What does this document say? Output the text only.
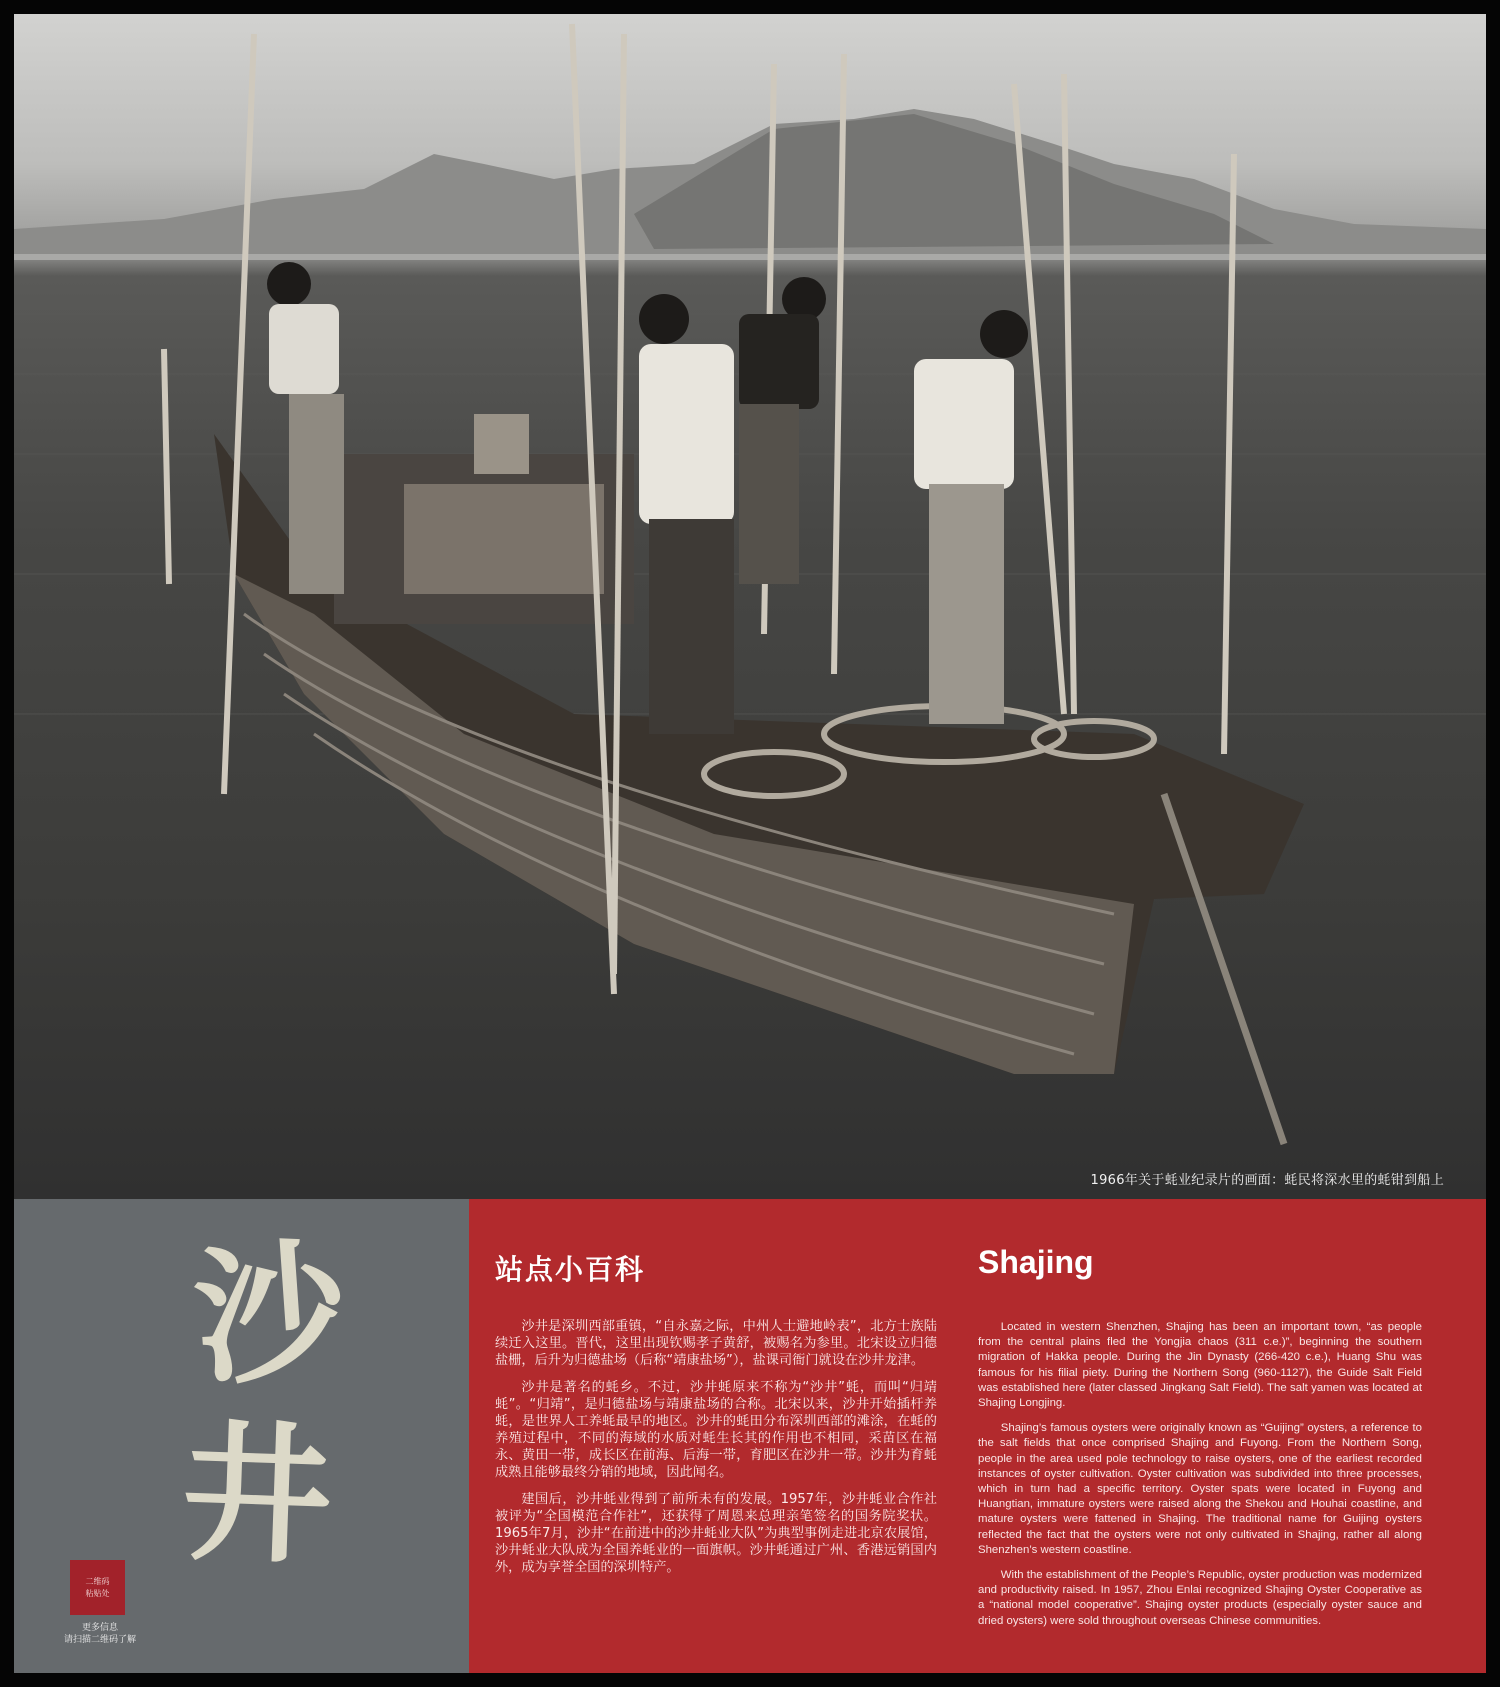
1966年关于蚝业纪录片的画面：蚝民将深水里的蚝钳到船上
沙
井
二维码
粘贴处
更多信息
请扫描二维码了解
站点小百科

沙井是深圳西部重镇，“自永嘉之际，中州人士避地岭表”，北方士族陆续迁入这里。晋代，这里出现钦赐孝子黄舒，被赐名为参里。北宋设立归德盐栅，后升为归德盐场（后称“靖康盐场”），盐课司衙门就设在沙井龙津。

沙井是著名的蚝乡。不过，沙井蚝原来不称为“沙井”蚝，而叫“归靖蚝”。“归靖”，是归德盐场与靖康盐场的合称。北宋以来，沙井开始插杆养蚝，是世界人工养蚝最早的地区。沙井的蚝田分布深圳西部的滩涂，在蚝的养殖过程中，不同的海域的水质对蚝生长其的作用也不相同，采苗区在福永、黄田一带，成长区在前海、后海一带，育肥区在沙井一带。沙井为育蚝成熟且能够最终分销的地域，因此闻名。

建国后，沙井蚝业得到了前所未有的发展。1957年，沙井蚝业合作社被评为“全国模范合作社”，还获得了周恩来总理亲笔签名的国务院奖状。1965年7月，沙井“在前进中的沙井蚝业大队”为典型事例走进北京农展馆，沙井蚝业大队成为全国养蚝业的一面旗帜。沙井蚝通过广州、香港远销国内外，成为享誉全国的深圳特产。

Shajing

Located in western Shenzhen, Shajing has been an important town, “as people from the central plains fled the Yongjia chaos (311 c.e.)”, beginning the southern migration of Hakka people. During the Jin Dynasty (266-420 c.e.), Huang Shu was famous for his filial piety. During the Northern Song (960-1127), the Guide Salt Field was established here (later classed Jingkang Salt Field). The salt yamen was located at Shajing Longjing.

Shajing’s famous oysters were originally known as “Guijing” oysters, a reference to the salt fields that once comprised Shajing and Fuyong. From the Northern Song, people in the area used pole technology to raise oysters, one of the earliest recorded instances of oyster cultivation. Oyster cultivation was subdivided into three processes, which in turn had a specific territory. Oyster spats were located in Fuyong and Huangtian, immature oysters were raised along the Shekou and Houhai coastline, and mature oysters were fattened in Shajing. The traditional name for Guijing oysters reflected the fact that the oysters were not only cultivated in Shajing, rather all along Shenzhen’s western coastline.

With the establishment of the People’s Republic, oyster production was modernized and productivity raised. In 1957, Zhou Enlai recognized Shajing Oyster Cooperative as a “national model cooperative”. Shajing oyster products (especially oyster sauce and dried oysters) were sold throughout overseas Chinese communities.
